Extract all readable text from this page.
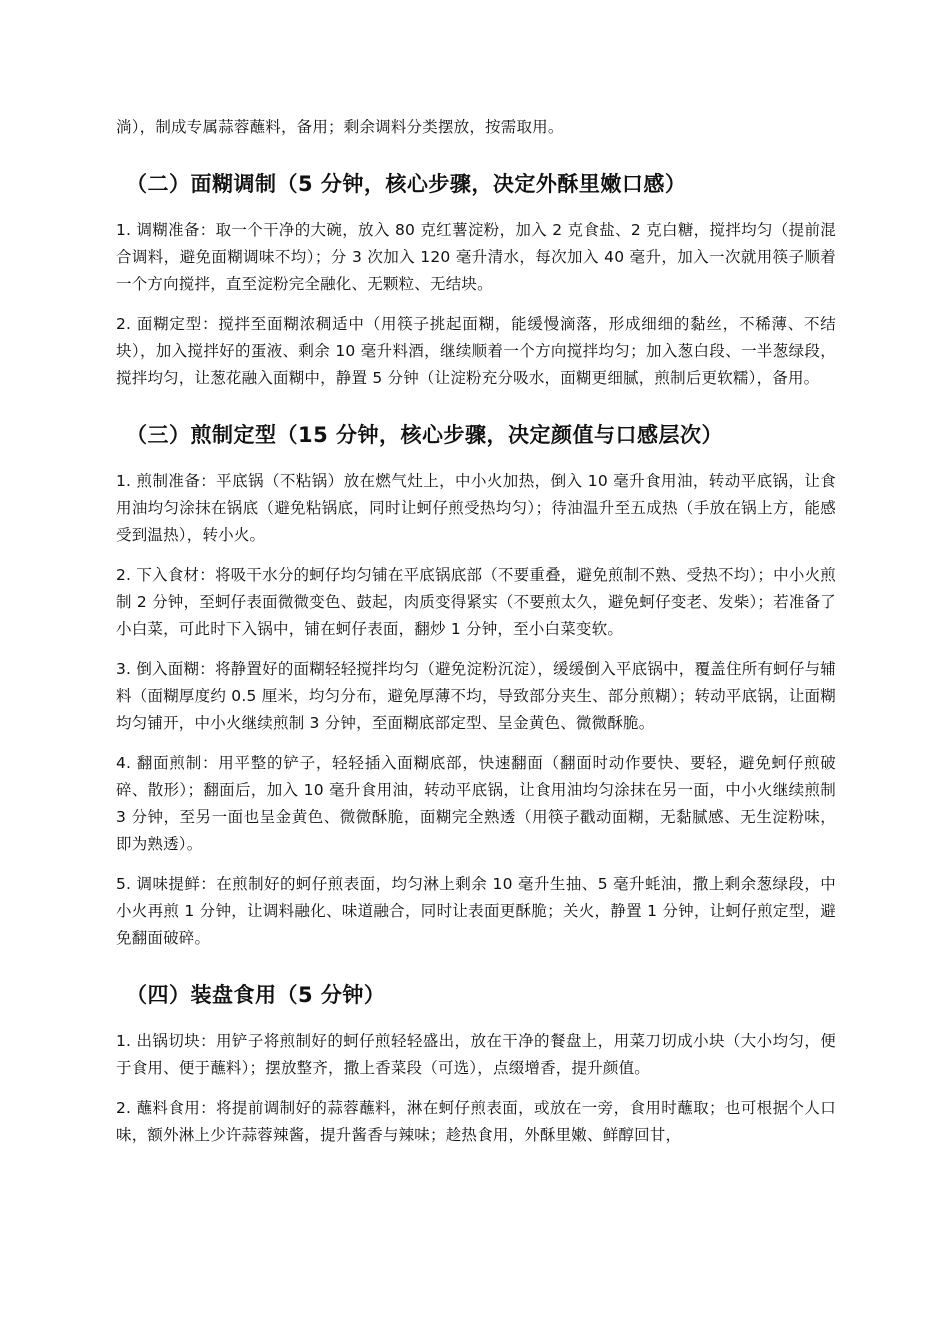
淌），制成专属蒜蓉蘸料，备用；剩余调料分类摆放，按需取用。

（二）面糊调制（5 分钟，核心步骤，决定外酥里嫩口感）

1. 调糊准备：取一个干净的大碗，放入 80 克红薯淀粉，加入 2 克食盐、2 克白糖，搅拌均匀（提前混合调料，避免面糊调味不均）；分 3 次加入 120 毫升清水，每次加入 40 毫升，加入一次就用筷子顺着一个方向搅拌，直至淀粉完全融化、无颗粒、无结块。

2. 面糊定型：搅拌至面糊浓稠适中（用筷子挑起面糊，能缓慢滴落，形成细细的黏丝，不稀薄、不结块），加入搅拌好的蛋液、剩余 10 毫升料酒，继续顺着一个方向搅拌均匀；加入葱白段、一半葱绿段，搅拌均匀，让葱花融入面糊中，静置 5 分钟（让淀粉充分吸水，面糊更细腻，煎制后更软糯），备用。

（三）煎制定型（15 分钟，核心步骤，决定颜值与口感层次）

1. 煎制准备：平底锅（不粘锅）放在燃气灶上，中小火加热，倒入 10 毫升食用油，转动平底锅，让食用油均匀涂抹在锅底（避免粘锅底，同时让蚵仔煎受热均匀）；待油温升至五成热（手放在锅上方，能感受到温热），转小火。

2. 下入食材：将吸干水分的蚵仔均匀铺在平底锅底部（不要重叠，避免煎制不熟、受热不均）；中小火煎制 2 分钟，至蚵仔表面微微变色、鼓起，肉质变得紧实（不要煎太久，避免蚵仔变老、发柴）；若准备了小白菜，可此时下入锅中，铺在蚵仔表面，翻炒 1 分钟，至小白菜变软。

3. 倒入面糊：将静置好的面糊轻轻搅拌均匀（避免淀粉沉淀），缓缓倒入平底锅中，覆盖住所有蚵仔与辅料（面糊厚度约 0.5 厘米，均匀分布，避免厚薄不均，导致部分夹生、部分煎糊）；转动平底锅，让面糊均匀铺开，中小火继续煎制 3 分钟，至面糊底部定型、呈金黄色、微微酥脆。

4. 翻面煎制：用平整的铲子，轻轻插入面糊底部，快速翻面（翻面时动作要快、要轻，避免蚵仔煎破碎、散形）；翻面后，加入 10 毫升食用油，转动平底锅，让食用油均匀涂抹在另一面，中小火继续煎制 3 分钟，至另一面也呈金黄色、微微酥脆，面糊完全熟透（用筷子戳动面糊，无黏腻感、无生淀粉味，即为熟透）。

5. 调味提鲜：在煎制好的蚵仔煎表面，均匀淋上剩余 10 毫升生抽、5 毫升蚝油，撒上剩余葱绿段，中小火再煎 1 分钟，让调料融化、味道融合，同时让表面更酥脆；关火，静置 1 分钟，让蚵仔煎定型，避免翻面破碎。

（四）装盘食用（5 分钟）

1. 出锅切块：用铲子将煎制好的蚵仔煎轻轻盛出，放在干净的餐盘上，用菜刀切成小块（大小均匀，便于食用、便于蘸料）；摆放整齐，撒上香菜段（可选），点缀增香，提升颜值。

2. 蘸料食用：将提前调制好的蒜蓉蘸料，淋在蚵仔煎表面，或放在一旁，食用时蘸取；也可根据个人口味，额外淋上少许蒜蓉辣酱，提升酱香与辣味；趁热食用，外酥里嫩、鲜醇回甘，
